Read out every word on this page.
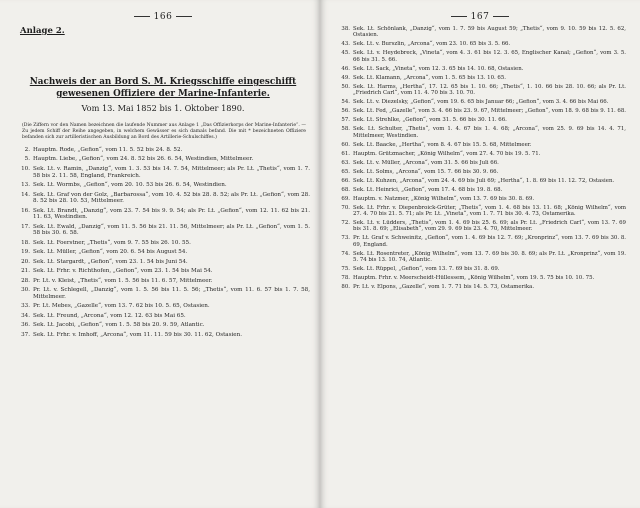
166
Anlage 2.
Nachweis der an Bord S. M. Kriegsschiffe eingeschifft
gewesenen Offiziere der Marine-Infanterie.
Vom 13. Mai 1852 bis 1. Oktober 1890.
(Die Ziffern vor den Namen bezeichnen die laufende Nummer aus Anlage 1 „Das Offizierkorps der Marine-Infanterie“. — Zu jedem Schiff der Reihe angegeben, in welchem Gewässer es sich damals befand. Die mit * bezeichneten Offiziere befanden sich zur artilleristischen Ausbildung an Bord des Artillerie-Schulschiffes.)
2. Hauptm. Rode, „Gefion“, vom 11. 5. 52 bis 24. 8. 52.
5. Hauptm. Liebe, „Gefion“, vom 24. 8. 52 bis 26. 6. 54, Westindien, Mittelmeer.
10. Sek. Lt. v. Ramin, „Danzig“, vom 1. 3. 53 bis 14. 7. 54, Mittelmeer; als Pr. Lt. „Thetis“, vom 1. 7. 58 bis 2. 11. 58, England, Frankreich.
13. Sek. Lt. Wormbs, „Gefion“, vom 20. 10. 53 bis 26. 6. 54, Westindien.
14. Sek. Lt. Graf von der Golz, „Barbarossa“, vom 10. 4. 52 bis 28. 8. 52; als Pr. Lt. „Gefion“, vom 28. 8. 52 bis 28. 10. 53, Mittelmeer.
16. Sek. Lt. Brandt, „Danzig“, vom 23. 7. 54 bis 9. 9. 54; als Pr. Lt. „Gefion“, vom 12. 11. 62 bis 21. 11. 63, Westindien.
17. Sek. Lt. Ewald, „Danzig“, vom 11. 5. 56 bis 21. 11. 56, Mittelmeer; als Pr. Lt. „Gefion“, vom 1. 5. 58 bis 30. 6. 58.
18. Sek. Lt. Foerstner, „Thetis“, vom 9. 7. 55 bis 26. 10. 55.
19. Sek. Lt. Müller, „Gefion“, vom 20. 6. 54 bis August 54.
20. Sek. Lt. Stargardt, „Gefion“, vom 23. 1. 54 bis Juni 54.
21. Sek. Lt. Frhr. v. Richthofen, „Gefion“, vom 23. 1. 54 bis Mai 54.
28. Pr. Lt. v. Kleist, „Thetis“, vom 1. 5. 56 bis 11. 6. 57, Mittelmeer.
30. Pr. Lt. v. Schlegell, „Danzig“, vom 1. 5. 56 bis 11. 5. 56; „Thetis“, vom 11. 6. 57 bis 1. 7. 58, Mittelmeer.
33. Pr. Lt. Mebes, „Gazelle“, vom 13. 7. 62 bis 10. 5. 65, Ostasien.
34. Sek. Lt. Freund, „Arcona“, vom 12. 12. 63 bis Mai 65.
36. Sek. Lt. Jacobi, „Gefion“, vom 1. 5. 58 bis 20. 9. 59, Atlantic.
37. Sek. Lt. Frhr. v. Imhoff, „Arcona“, vom 11. 11. 59 bis 30. 11. 62, Ostasien.
167
38. Sek. Lt. Schönlank, „Danzig“, vom 1. 7. 59 bis August 59; „Thetis“, vom 9. 10. 59 bis 12. 5. 62, Ostasien.
43. Sek. Lt. v. Burszlin, „Arcona“, vom 23. 10. 65 bis 3. 5. 66.
45. Sek. Lt. v. Heydebreck, „Vineta“, vom 4. 3. 61 bis 12. 3. 65, Englischer Kanal; „Gefion“, vom 3. 5. 66 bis 31. 5. 66.
46. Sek. Lt. Sack, „Vineta“, vom 12. 3. 65 bis 14. 10. 68, Ostasien.
49. Sek. Lt. Klamann, „Arcona“, vom 1. 5. 65 bis 13. 10. 65.
50. Sek. Lt. Harms, „Hertha“, 17. 12. 65 bis 1. 10. 66; „Thetis“, 1. 10. 66 bis 28. 10. 66; als Pr. Lt. „Friedrich Carl“, vom 11. 4. 70 bis 3. 10. 70.
54. Sek. Lt. v. Diezelsky, „Gefion“, vom 19. 6. 65 bis Januar 66; „Gefion“, vom 3. 4. 66 bis Mai 66.
56. Sek. Lt. Fed, „Gazelle“, vom 3. 4. 66 bis 23. 9. 67, Mittelmeer; „Gefion“, vom 18. 9. 68 bis 9. 11. 68.
57. Sek. Lt. Strehlke, „Gefion“, vom 31. 5. 66 bis 30. 11. 66.
58. Sek. Lt. Schulter, „Thetis“, vom 1. 4. 67 bis 1. 4. 68; „Arcona“, vom 25. 9. 69 bis 14. 4. 71, Mittelmeer, Westindien.
60. Sek. Lt. Baacke, „Hertha“, vom 8. 4. 67 bis 15. 5. 68, Mittelmeer.
61. Hauptm. Grützmacher, „König Wilhelm“, vom 27. 4. 70 bis 19. 5. 71.
63. Sek. Lt. v. Müller, „Arcona“, vom 31. 5. 66 bis Juli 66.
65. Sek. Lt. Solms, „Arcona“, vom 15. 7. 66 bis 30. 9. 66.
66. Sek. Lt. Kuhzen, „Arcona“, vom 24. 4. 69 bis Juli 69; „Hertha“, 1. 8. 69 bis 11. 12. 72, Ostasien.
68. Sek. Lt. Heinrici, „Gefion“, vom 17. 4. 68 bis 19. 8. 68.
69. Hauptm. v. Natzmer, „König Wilhelm“, vom 13. 7. 69 bis 30. 8. 69.
70. Sek. Lt. Frhr. v. Diepenbroick-Grüter, „Thetis“, vom 1. 4. 68 bis 13. 11. 68; „König Wilhelm“, vom 27. 4. 70 bis 21. 5. 71; als Pr. Lt. „Vineta“, vom 1. 7. 71 bis 30. 4. 73, Ostamerika.
72. Sek. Lt. v. Lüdders, „Thetis“, vom 1. 4. 69 bis 25. 6. 69; als Pr. Lt. „Friedrich Carl“, vom 13. 7. 69 bis 31. 8. 69; „Elisabeth“, vom 29. 9. 69 bis 23. 4. 70, Mittelmeer.
73. Pr. Lt. Graf v. Schweinitz, „Gefion“, vom 1. 4. 69 bis 12. 7. 69; „Kronprinz“, vom 13. 7. 69 bis 30. 8. 69, England.
74. Sek. Lt. Rosentreter, „König Wilhelm“, vom 13. 7. 69 bis 30. 8. 69; als Pr. Lt. „Kronprinz“, vom 19. 5. 74 bis 13. 10. 74, Atlantic.
75. Sek. Lt. Rüppel, „Gefion“, vom 13. 7. 69 bis 31. 8. 69.
78. Hauptm. Frhr. v. Meerscheidt-Hüllessem, „König Wilhelm“, vom 19. 5. 75 bis 10. 10. 75.
80. Pr. Lt. v. Elpons, „Gazelle“, vom 1. 7. 71 bis 14. 5. 73, Ostamerika.
